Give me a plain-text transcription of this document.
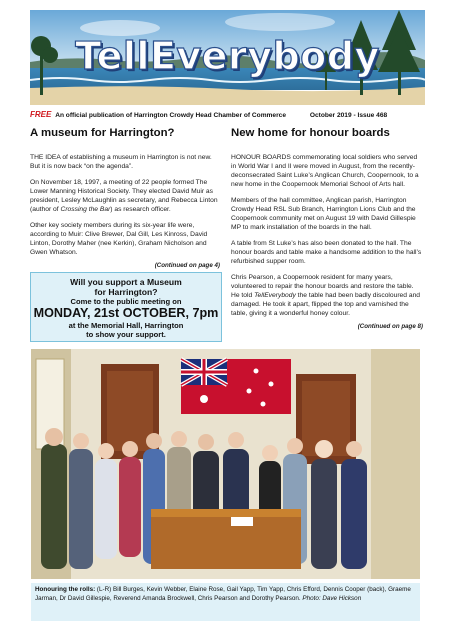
TellEverybody
FREE An official publication of Harrington Crowdy Head Chamber of Commerce	October 2019 - Issue 468
A museum for Harrington?

THE IDEA of establishing a museum in Harrington is not new. But it is now back “on the agenda”.

On November 18, 1997, a meeting of 22 people formed The Lower Manning Historical Society. They elected David Muir as president, Lesley McLaughlin as secretary, and Rebecca Linton (author of Crossing the Bar) as research officer.

Other key society members during its six-year life were, according to Muir: Clive Brewer, Dal Gill, Les Kinross, David Linton, Dorothy Maher (nee Kerkin), Graham Nicholson and Gwen Whatson.

(Continued on page 4)
Will you support a Museum
for Harrington?
Come to the public meeting on
MONDAY, 21st OCTOBER, 7pm
at the Memorial Hall, Harrington
to show your support.
New home for honour boards

HONOUR BOARDS commemorating local soldiers who served in World War I and II were moved in August, from the recently-deconsecrated Saint Luke’s Anglican Church, Coopernook, to a new home in the Coopernook Memorial School of Arts hall.

Members of the hall committee, Anglican parish, Harrington Crowdy Head RSL Sub Branch, Harrington Lions Club and the Coopernook community met on August 19 with David Gillespie MP to mark installation of the boards in the hall.

A table from St Luke’s has also been donated to the hall. The honour boards and table make a handsome addition to the hall’s refurbished supper room.

Chris Pearson, a Coopernook resident for many years, volunteered to repair the honour boards and restore the table. He told TellEverybody the table had been badly discoloured and damaged. He took it apart, flipped the top and varnished the table, giving it a wonderful honey colour.

(Continued on page 8)
Honouring the rolls: (L-R) Bill Burges, Kevin Webber, Elaine Rose, Gail Yapp, Tim Yapp, Chris Efford, Dennis Cooper (back), Graeme Jarman, Dr David Gillespie, Reverend Amanda Brockwell, Chris Pearson and Dorothy Pearson. Photo: Dave Hickson
